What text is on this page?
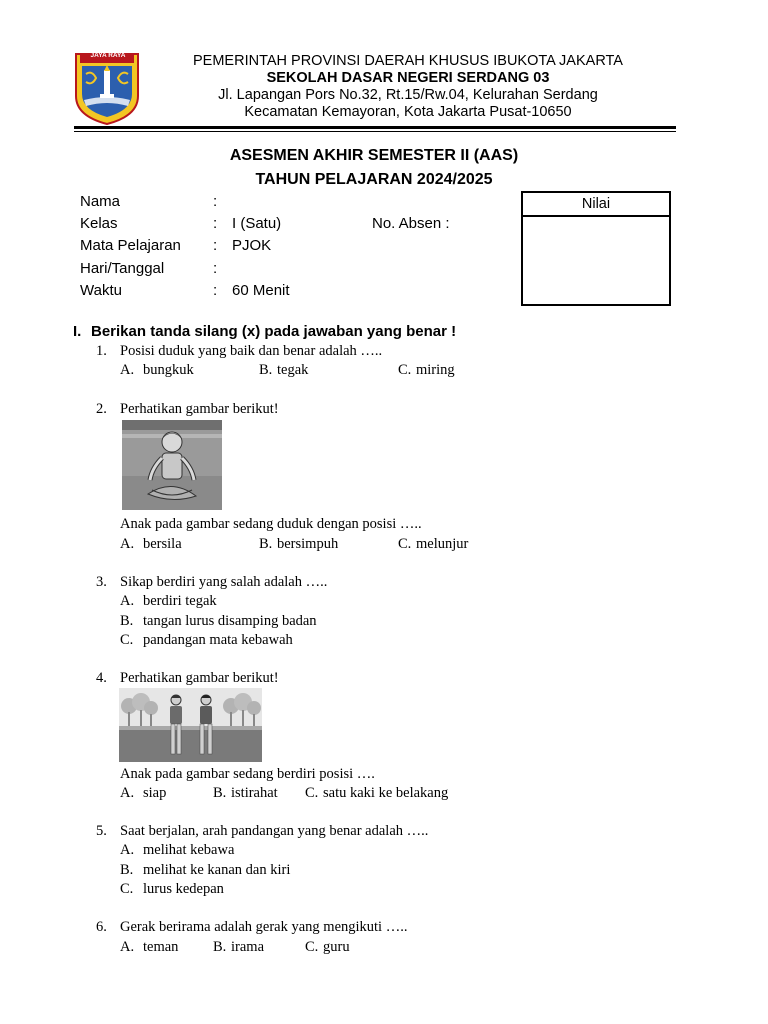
JAYA RAYA	PEMERINTAH PROVINSI DAERAH KHUSUS IBUKOTA JAKARTA
SEKOLAH DASAR NEGERI SERDANG 03
Jl. Lapangan Pors No.32, Rt.15/Rw.04, Kelurahan Serdang
Kecamatan Kemayoran, Kota Jakarta Pusat-10650
ASESMEN AKHIR SEMESTER II (AAS)
TAHUN PELAJARAN 2024/2025
Nama	:
Kelas	: I (Satu)	No. Absen :
Mata Pelajaran : PJOK
Hari/Tanggal	:
Waktu	: 60 Menit
Nilai
I. Berikan tanda silang (x) pada jawaban yang benar !
1. Posisi duduk yang baik dan benar adalah …..
A. bungkuk	B. tegak	C. miring
2. Perhatikan gambar berikut!
Anak pada gambar sedang duduk dengan posisi …..
A. bersila	B. bersimpuh	C. melunjur
3. Sikap berdiri yang salah adalah …..
A. berdiri tegak
B. tangan lurus disamping badan
C. pandangan mata kebawah
4. Perhatikan gambar berikut!
Anak pada gambar sedang berdiri posisi ….
A. siap	B. istirahat C. satu kaki ke belakang
5. Saat berjalan, arah pandangan yang benar adalah …..
A. melihat kebawa
B. melihat ke kanan dan kiri
C. lurus kedepan
6. Gerak berirama adalah gerak yang mengikuti …..
A. teman B. irama	C. guru
